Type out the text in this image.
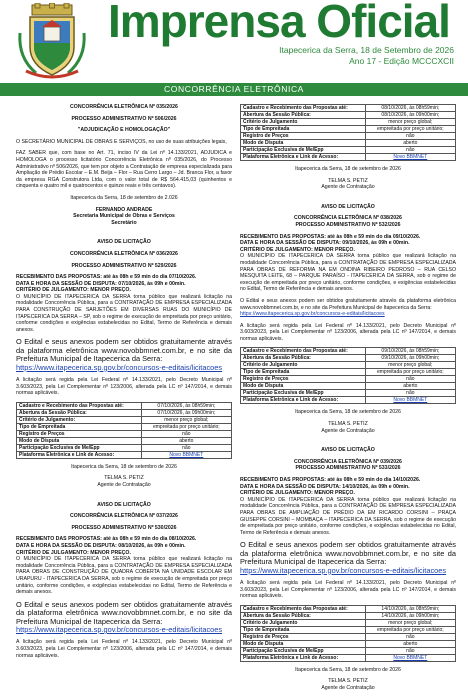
Imprensa Oficial
Itapecerica da Serra, 18 de Setembro de 2026
Ano 17 - Edição MCCCXCII
CONCORRÊNCIA ELETRÔNICA

CONCORRÊNCIA ELETRÔNICA Nº 035/2026

PROCESSO ADMINISTRATIVO Nº 506/2026

"ADJUDICAÇÃO E HOMOLOGAÇÃO"

O SECRETÁRIO MUNICIPAL DE OBRAS E SERVIÇOS, no uso de suas atribuições legais,

FAZ SABER que, com base no Art. 71, inciso IV da Lei nº 14.133/2021, ADJUDICA e HOMOLOGA o processo licitatório Concorrência Eletrônica nº 035/2026, do Processo Administrativo nº 506/2026, que tem por objeto a Contratação de empresa especializada para Ampliação de Prédio Escolar – E.M. Beija – Flor – Rua Cerro Largo – Jd. Branca Flor, a favor da empresa RGA Construtora Ltda, com o valor total de R$ 564.415,03 (quinhentos e cinquenta e quatro mil e quatrocentos e quinze reais e três centavos).

Itapecerica da Serra, 18 de setembro de 2.026

FERNANDO ANDRADE

Secretaria Municipal de Obras e Serviços

Secretário

AVISO DE LICITAÇÃO

CONCORRÊNCIA ELETRÔNICA Nº 036/2026

PROCESSO ADMINISTRATIVO Nº 529/2026

RECEBIMENTO DAS PROPOSTAS: até às 08h e 59 min do dia 07/10/2026.

DATA E HORA DA SESSÃO DE DISPUTA: 07/10/2026, às 09h e 00min.

CRITÉRIO DE JULGAMENTO: MENOR PREÇO.

O MUNICÍPIO DE ITAPECERICA DA SERRA torna público que realizará licitação na modalidade Concorrência Pública, para a CONTRATAÇÃO DE EMPRESA ESPECIALIZADA PARA CONSTRUÇÃO DE SARJETÕES EM DIVERSAS RUAS DO MUNICÍPIO DE ITAPECERICA DA SERRA – SP, sob o regime de execução de empreitada por preço unitário, conforme condições e exigências estabelecidas no Edital, Termo de Referência e demais anexos.

O Edital e seus anexos podem ser obtidos gratuitamente através da plataforma eletrônica www.novobbmnet.com.br, e no site da Prefeitura Municipal de Itapecerica da Serra:

https://www.itapecerica.sp.gov.br/concursos-e-editais/licitacoes

A licitação será regida pela Lei Federal nº 14.133/2021, pelo Decreto Municipal nº 3.603/2023, pela Lei Complementar nº 123/2006, alterada pela LC nº 147/2014, e demais normas aplicáveis.

Cadastro e Recebimento das Propostas até:	07/10/2026, às 08h59min;
Abertura da Sessão Pública:	07/10/2026, às 09h00min;
Critério de Julgamento:	menor preço global;
Tipo de Empreitada	empreitada por preço unitário;
Registro de Preços	não
Modo de Disputa	aberto
Participação Exclusiva de Me/Epp	não
Plataforma Eletrônica e Link de Acesso:	Novo BBMNET

Itapecerica da Serra, 18 de setembro de 2026

TELMA S. PETIZ

Agente de Contratação

AVISO DE LICITAÇÃO

CONCORRÊNCIA ELETRÔNICA Nº 037/2026

PROCESSO ADMINISTRATIVO Nº 530/2026

RECEBIMENTO DAS PROPOSTAS: até às 08h e 59 min do dia 08/10/2026.

DATA E HORA DA SESSÃO DE DISPUTA: 08/10/2026, às 09h e 00min.

CRITÉRIO DE JULGAMENTO: MENOR PREÇO.

O MUNICÍPIO DE ITAPECERICA DA SERRA torna público que realizará licitação na modalidade Concorrência Pública, para a CONTRATAÇÃO DE EMPRESA ESPECIALIZADA PARA OBRAS DE CONSTRUÇÃO DE QUADRA COBERTA NA UNIDADE ESCOLAR EM URAPURU - ITAPECERICA DA SERRA, sob o regime de execução de empreitada por preço unitário, conforme condições, e exigências estabelecidas no Edital, Termo de Referência e demais anexos.

O Edital e seus anexos podem ser obtidos gratuitamente através da plataforma eletrônica www.novobbmnet.com.br, e no site da Prefeitura Municipal de Itapecerica da Serra:

https://www.itapecerica.sp.gov.br/concursos-e-editais/licitacoes

A licitação será regida pela Lei Federal nº 14.133/2021, pelo Decreto Municipal nº 3.603/2023, pela Lei Complementar nº 123/2006, alterada pela LC nº 147/2014, e demais normas aplicáveis.

Cadastro e Recebimento das Propostas até:	08/10/2026, às 08h59min;
Abertura da Sessão Pública:	08/10/2026, às 09h00min;
Critério de Julgamento	menor preço global;
Tipo de Empreitada	empreitada por preço unitário;
Registro de Preços	não
Modo de Disputa	aberto
Participação Exclusiva de Me/Epp	não
Plataforma Eletrônica e Link de Acesso:	Novo BBMNET

Itapecerica da Serra, 18 de setembro de 2026

TELMA S. PETIZ

Agente de Contratação

AVISO DE LICITAÇÃO

CONCORRÊNCIA ELETRÔNICA Nº 038/2026

PROCESSO ADMINISTRATIVO Nº 532/2026

RECEBIMENTO DAS PROPOSTAS: até às 08h e 59 min do dia 09/10/2026.

DATA E HORA DA SESSÃO DE DISPUTA: 09/10/2026, às 09h e 00min.

CRITÉRIO DE JULGAMENTO: MENOR PREÇO.

O MUNICÍPIO DE ITAPECERICA DA SERRA torna público que realizará licitação na modalidade Concorrência Pública, para a CONTRATAÇÃO DE EMPRESA ESPECIALIZADA PARA OBRAS DE REFORMA NA EM ONDINA RIBEIRO PEDROSO – RUA CELSO MESQUITA LEITE, 68 – PARQUE PARAÍSO - ITAPECERICA DA SERRA, sob o regime de execução de empreitada por preço unitário, conforme condições, e exigências estabelecidas no Edital, Termo de Referência e demais anexos.

O Edital e seus anexos podem ser obtidos gratuitamente através da plataforma eletrônica www.novobbmnet.com.br, e no site da Prefeitura Municipal de Itapecerica da Serra:

https://www.itapecerica.sp.gov.br/concursos-e-editais/licitacoes

A licitação será regida pela Lei Federal nº 14.133/2021, pelo Decreto Municipal nº 3.603/2023, pela Lei Complementar nº 123/2006, alterada pela LC nº 147/2014, e demais normas aplicáveis.

Cadastro e Recebimento das Propostas até:	09/10/2026, às 08h59min;
Abertura da Sessão Pública:	09/10/2026, às 09h00min;
Critério de Julgamento	menor preço global;
Tipo de Empreitada	empreitada por preço unitário;
Registro de Preços	não
Modo de Disputa	aberto
Participação Exclusiva de Me/Epp	não
Plataforma Eletrônica e Link de Acesso:	Novo BBMNET

Itapecerica da Serra, 18 de setembro de 2026

TELMA S. PETIZ

Agente de Contratação

AVISO DE LICITAÇÃO

CONCORRÊNCIA ELETRÔNICA Nº 039/2026

PROCESSO ADMINISTRATIVO Nº 533/2026

RECEBIMENTO DAS PROPOSTAS: até às 08h e 59 min do dia 14/10/2026.

DATA E HORA DA SESSÃO DE DISPUTA: 14/10/2026, às 09h e 00min.

CRITÉRIO DE JULGAMENTO: MENOR PREÇO.

O MUNICÍPIO DE ITAPECERICA DA SERRA torna público que realizará licitação na modalidade Concorrência Pública, para a CONTRATAÇÃO DE EMPRESA ESPECIALIZADA PARA OBRAS DE AMPLIAÇÃO DE PRÉDIO DA EM RICARDO CORSINI – PRAÇA GIUSEPPE CORSINI – MOMBAÇA – ITAPECERICA DA SERRA, sob o regime de execução de empreitada por preço unitário, conforme condições, e exigências estabelecidas no Edital, Termo de Referência e demais anexos.

O Edital e seus anexos podem ser obtidos gratuitamente através da plataforma eletrônica www.novobbmnet.com.br, e no site da Prefeitura Municipal de Itapecerica da Serra:

https://www.itapecerica.sp.gov.br/concursos-e-editais/licitacoes

A licitação será regida pela Lei Federal nº 14.133/2021, pelo Decreto Municipal nº 3.603/2023, pela Lei Complementar nº 123/2006, alterada pela LC nº 147/2014, e demais normas aplicáveis.

Cadastro e Recebimento das Propostas até:	14/10/2026, às 08h59min;
Abertura da Sessão Pública:	14/10/2026, às 09h00min;
Critério de Julgamento	menor preço global;
Tipo de Empreitada	empreitada por preço unitário;
Registro de Preços	não
Modo de Disputa	aberto
Participação Exclusiva de Me/Epp	não
Plataforma Eletrônica e Link de Acesso:	Novo BBMNET

Itapecerica da Serra, 18 de setembro de 2026

TELMA S. PETIZ

Agente de Contratação
